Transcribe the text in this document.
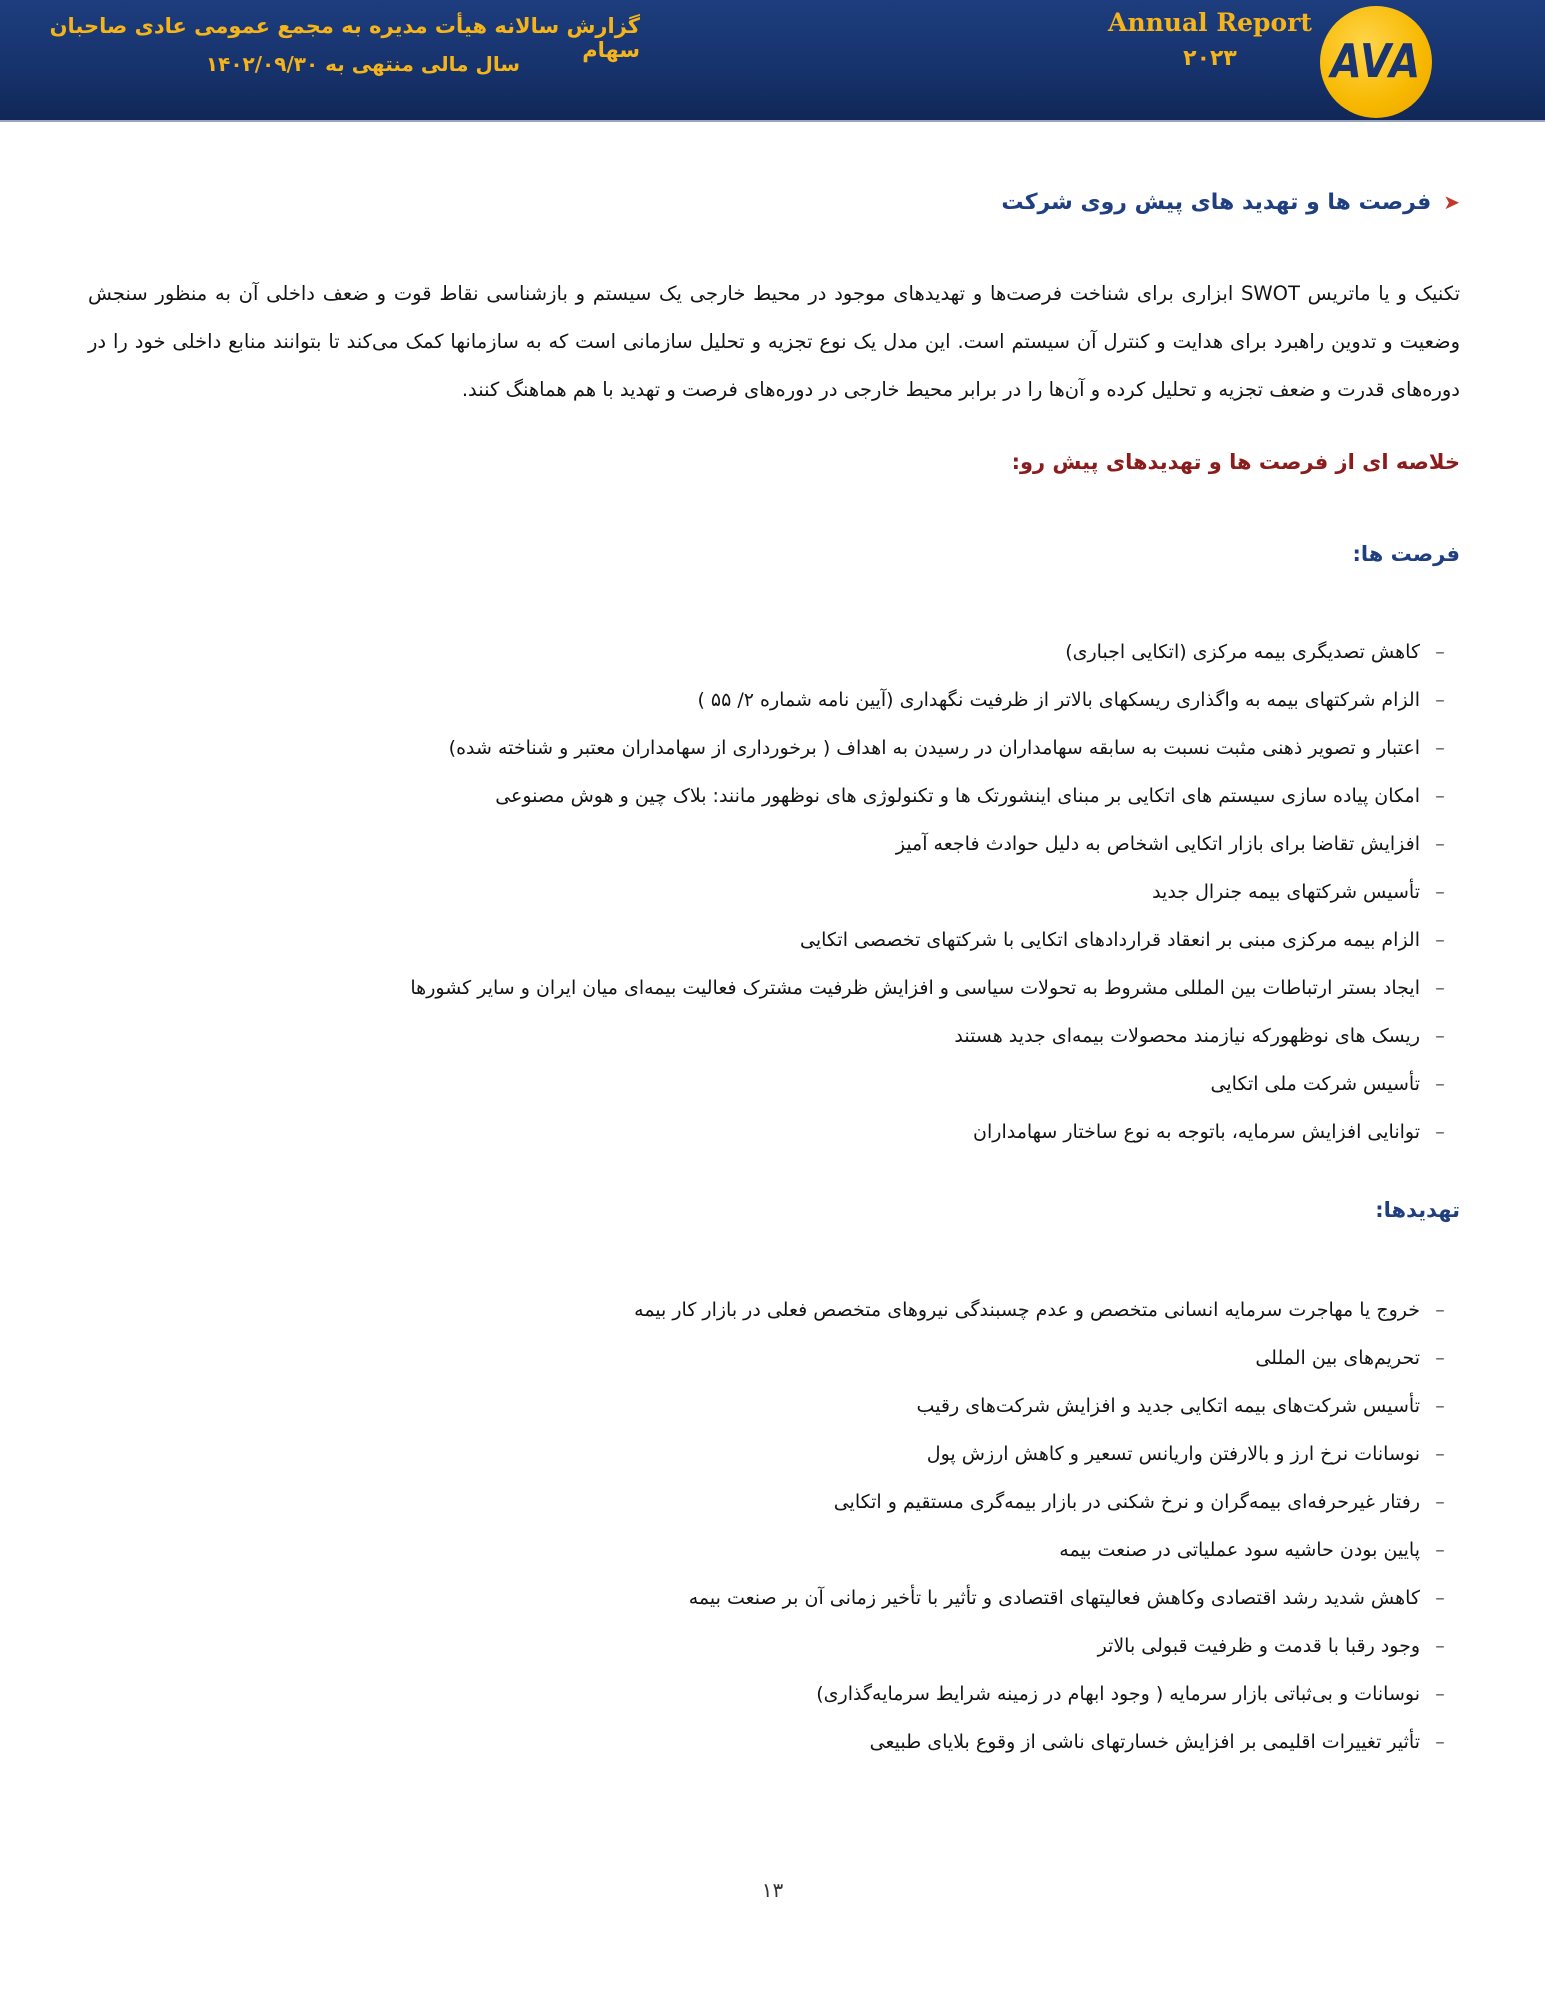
گزارش سالانه هیأت مدیره به مجمع عمومی عادی صاحبان سهام
سال مالی منتهی به ۱۴۰۲/۰۹/۳۰
Annual Report
۲۰۲۳	AVA
➤فرصت ها و تهدید های پیش روی شرکت
تکنیک و یا ماتریس SWOT ابزاری برای شناخت فرصت‌ها و تهدیدهای موجود در محیط خارجی یک سیستم و بازشناسی نقاط قوت و ضعف داخلی آن به منظور سنجش وضعیت و تدوین راهبرد برای هدایت و کنترل آن سیستم است. این مدل یک نوع تجزیه و تحلیل سازمانی است که به سازمانها کمک می‌کند تا بتوانند منابع داخلی خود را در دوره‌های قدرت و ضعف تجزیه و تحلیل کرده و آن‌ها را در برابر محیط خارجی در دوره‌های فرصت و تهدید با هم هماهنگ کنند.
خلاصه ای از فرصت ها و تهدیدهای پیش رو:
فرصت ها:
–
کاهش تصدیگری بیمه مرکزی (اتکایی اجباری)
–
الزام شرکتهای بیمه به واگذاری ریسکهای بالاتر از ظرفیت نگهداری (آیین نامه شماره ۲/ ۵۵ )
–
اعتبار و تصویر ذهنی مثبت نسبت به سابقه سهامداران در رسیدن به اهداف ( برخورداری از سهامداران معتبر و شناخته شده)
–
امکان پیاده سازی سیستم های اتکایی بر مبنای اینشورتک ها و تکنولوژی های نوظهور مانند: بلاک چین و هوش مصنوعی
–
افزایش تقاضا برای بازار اتکایی اشخاص به دلیل حوادث فاجعه آمیز
–
تأسیس شرکتهای بیمه جنرال جدید
–
الزام بیمه مرکزی مبنی بر انعقاد قراردادهای اتکایی با شرکتهای تخصصی اتکایی
–
ایجاد بستر ارتباطات بین المللی مشروط به تحولات سیاسی و افزایش ظرفیت مشترک فعالیت بیمه‌ای میان ایران و سایر کشورها
–
ریسک های نوظهورکه نیازمند محصولات بیمه‌ای جدید هستند
–
تأسیس شرکت ملی اتکایی
–
توانایی افزایش سرمایه، باتوجه به نوع ساختار سهامداران
تهدیدها:
–
خروج یا مهاجرت سرمایه انسانی متخصص و عدم چسبندگی نیروهای متخصص فعلی در بازار کار بیمه
–
تحریم‌های بین المللی
–
تأسیس شرکت‌های بیمه اتکایی جدید و افزایش شرکت‌های رقیب
–
نوسانات نرخ ارز و بالارفتن واریانس تسعیر و کاهش ارزش پول
–
رفتار غیرحرفه‌ای بیمه‌گران و نرخ شکنی در بازار بیمه‌گری مستقیم و اتکایی
–
پایین بودن حاشیه سود عملیاتی در صنعت بیمه
–
کاهش شدید رشد اقتصادی وکاهش فعالیتهای اقتصادی و تأثیر با تأخیر زمانی آن بر صنعت بیمه
–
وجود رقبا با قدمت و ظرفیت قبولی بالاتر
–
نوسانات و بی‌ثباتی بازار سرمایه ( وجود ابهام در زمینه شرایط سرمایه‌گذاری)
–
تأثیر تغییرات اقلیمی بر افزایش خسارتهای ناشی از وقوع بلایای طبیعی
۱۳
